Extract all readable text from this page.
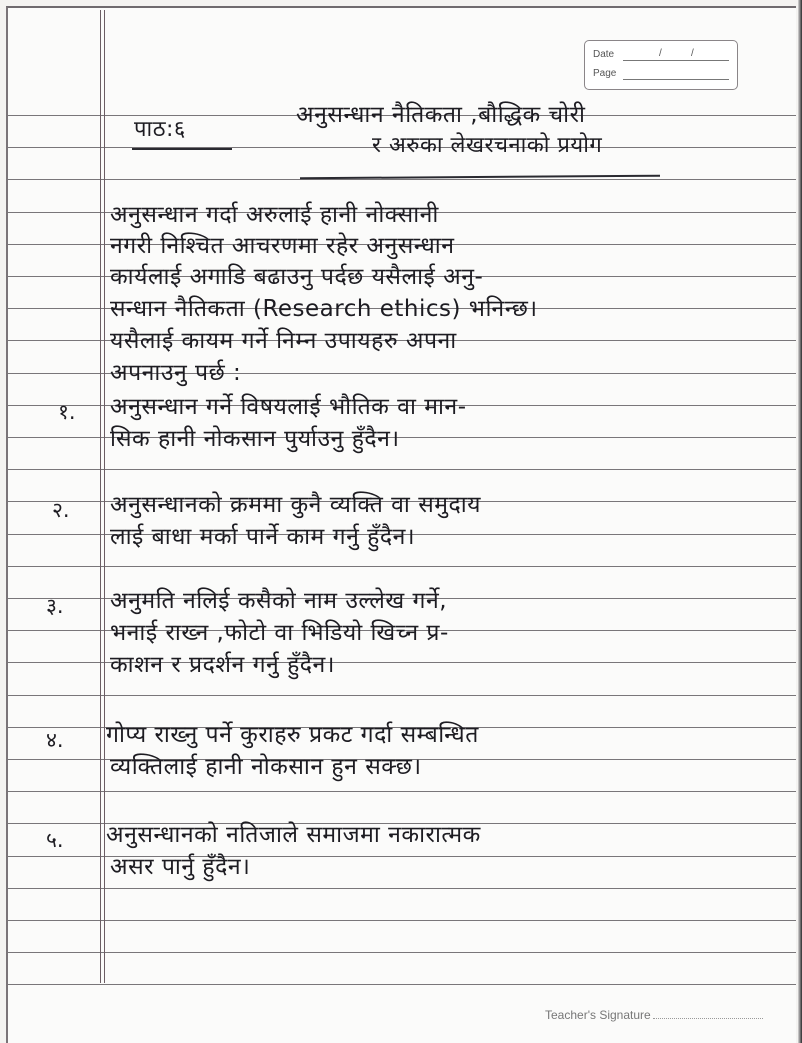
Date	/	/
Page
पाठ:६
अनुसन्धान नैतिकता ,बौद्धिक चोरी
र अरुका लेखरचनाको प्रयोग
अनुसन्धान गर्दा अरुलाई हानी नोक्सानी
नगरी निश्चित आचरणमा रहेर अनुसन्धान
कार्यलाई अगाडि बढाउनु पर्दछ यसैलाई अनु-
सन्धान नैतिकता (Research ethics) भनिन्छ।
यसैलाई कायम गर्ने निम्न उपायहरु अपना
अपनाउनु पर्छ :
१. अनुसन्धान गर्ने विषयलाई भौतिक वा मान-
सिक हानी नोकसान पुर्याउनु हुँदैन।
२. अनुसन्धानको क्रममा कुनै व्यक्ति वा समुदाय
लाई बाधा मर्का पार्ने काम गर्नु हुँदैन।
३. अनुमति नलिई कसैको नाम उल्लेख गर्ने,
भनाई राख्न ,फोटो वा भिडियो खिच्न प्र-
काशन र प्रदर्शन गर्नु हुँदैन।
४. गोप्य राख्नु पर्ने कुराहरु प्रकट गर्दा सम्बन्धित
व्यक्तिलाई हानी नोकसान हुन सक्छ।
५. अनुसन्धानको नतिजाले समाजमा नकारात्मक
असर पार्नु हुँदैन।
Teacher's Signature
